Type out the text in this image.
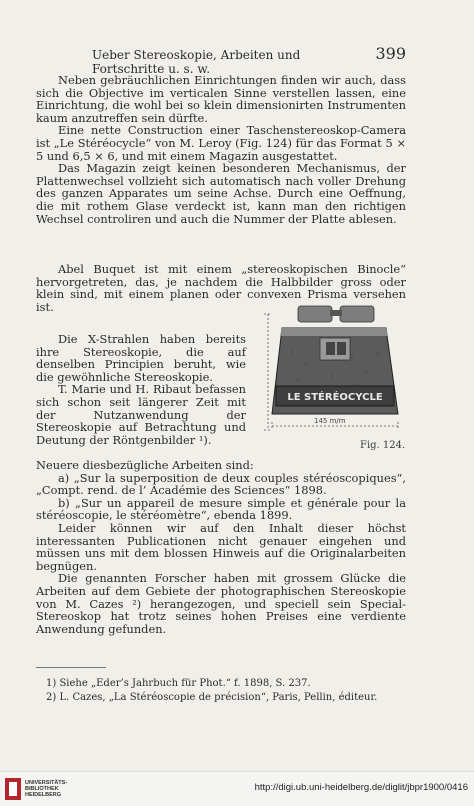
Ueber Stereoskopie, Arbeiten und Fortschritte u. s. w.
399

Neben gebräuchlichen Einrichtungen finden wir auch, dass sich die Objective im verticalen Sinne verstellen lassen, eine Einrichtung, die wohl bei so klein dimensionirten Instrumenten kaum anzutreffen sein dürfte.

Eine nette Construction einer Taschenstereoskop-Camera ist „Le Stéréocycle“ von M. Leroy (Fig. 124) für das Format 5 × 5 und 6,5 × 6, und mit einem Magazin ausgestattet.

Das Magazin zeigt keinen besonderen Mechanismus, der Plattenwechsel vollzieht sich automatisch nach voller Drehung des ganzen Apparates um seine Achse. Durch eine Oeffnung, die mit rothem Glase verdeckt ist, kann man den richtigen Wechsel controliren und auch die Nummer der Platte ablesen.

Abel Buquet ist mit einem „stereoskopischen Binocle“ hervorgetreten, das, je nachdem die Halbbilder gross oder klein sind, mit einem planen oder convexen Prisma versehen ist.

Die X-Strahlen haben bereits ihre Stereoskopie, die auf denselben Principien beruht, wie die gewöhnliche Stereoskopie.

T. Marie und H. Ribaut befassen sich schon seit längerer Zeit mit der Nutzanwendung der Stereoskopie auf Betrachtung und Deutung der Röntgenbilder ¹).

LE STÉRÉOCYCLE
145 m/m
Fig. 124.

Neuere diesbezügliche Arbeiten sind:

a) „Sur la superposition de deux couples stéréoscopiques“, „Compt. rend. de l’ Académie des Sciences“ 1898.

b) „Sur un appareil de mesure simple et générale pour la stéréoscopie, le stéréomètre“, ebenda 1899.

Leider können wir auf den Inhalt dieser höchst interessanten Publicationen nicht genauer eingehen und müssen uns mit dem blossen Hinweis auf die Originalarbeiten begnügen.

Die genannten Forscher haben mit grossem Glücke die Arbeiten auf dem Gebiete der photographischen Stereoskopie von M. Cazes ²) herangezogen, und speciell sein Special-Stereoskop hat trotz seines hohen Preises eine verdiente Anwendung gefunden.

1) Siehe „Eder’s Jahrbuch für Phot.“ f. 1898, S. 237.
2) L. Cazes, „La Stéréoscopie de précision“, Paris, Pellin, éditeur.
UNIVERSITÄTS-
BIBLIOTHEK
HEIDELBERG
http://digi.ub.uni-heidelberg.de/diglit/jbpr1900/0416
